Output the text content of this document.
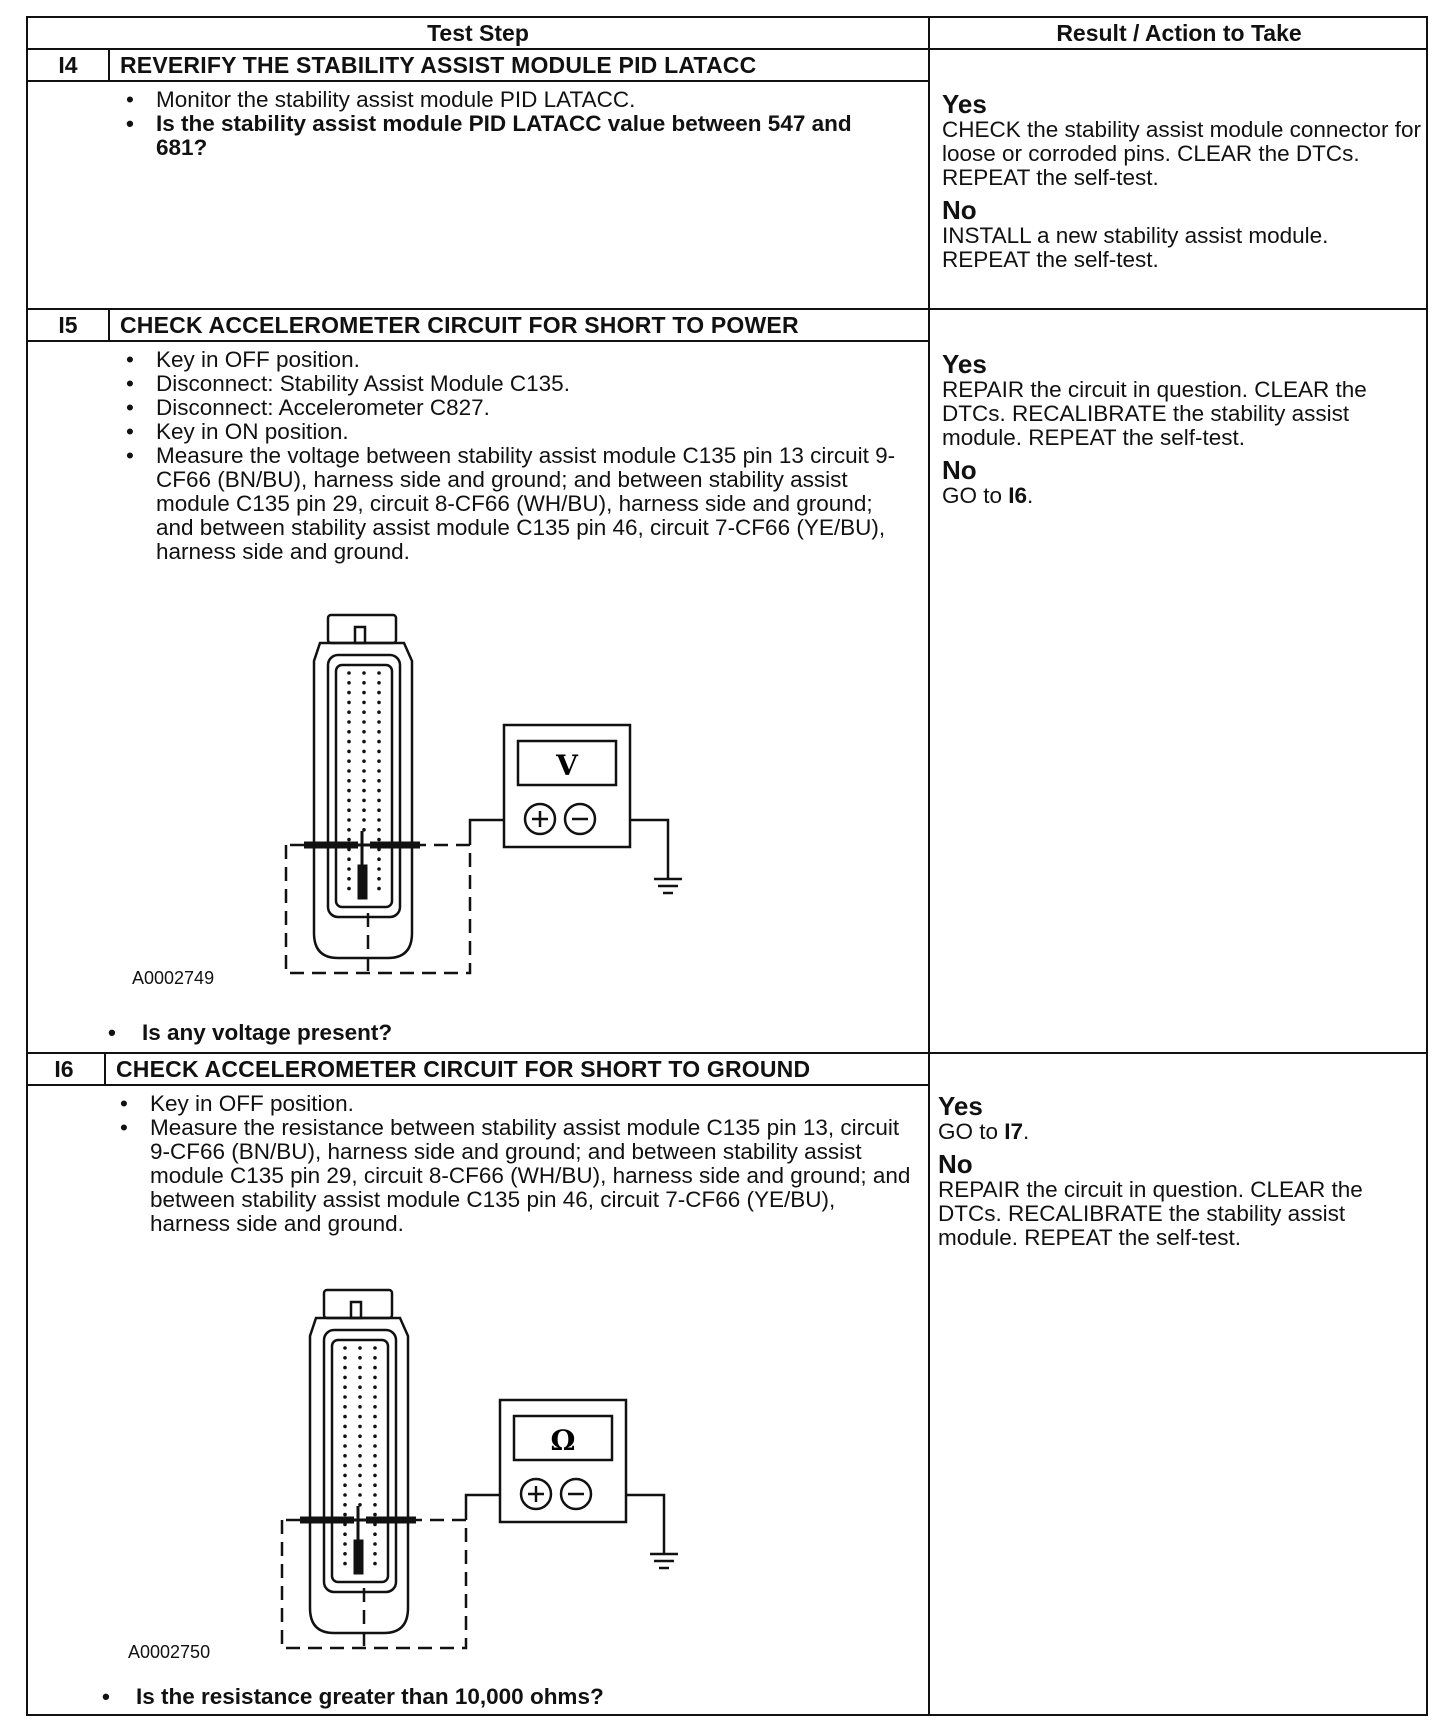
Test Step	Result / Action to Take
I4	REVERIFY THE STABILITY ASSIST MODULE PID LATACC
• Monitor the stability assist module PID LATACC.
• Is the stability assist module PID LATACC value between 547 and 681?
Yes
CHECK the stability assist module connector for loose or corroded pins. CLEAR the DTCs. REPEAT the self-test.
No
INSTALL a new stability assist module. REPEAT the self-test.
I5	CHECK ACCELEROMETER CIRCUIT FOR SHORT TO POWER
• Key in OFF position.
• Disconnect: Stability Assist Module C135.
• Disconnect: Accelerometer C827.
• Key in ON position.
• Measure the voltage between stability assist module C135 pin 13 circuit 9-CF66 (BN/BU), harness side and ground; and between stability assist module C135 pin 29, circuit 8-CF66 (WH/BU), harness side and ground; and between stability assist module C135 pin 46, circuit 7-CF66 (YE/BU), harness side and ground.
V
A0002749
• Is any voltage present?
Yes
REPAIR the circuit in question. CLEAR the DTCs. RECALIBRATE the stability assist module. REPEAT the self-test.
No
GO to I6.
I6	CHECK ACCELEROMETER CIRCUIT FOR SHORT TO GROUND
• Key in OFF position.
• Measure the resistance between stability assist module C135 pin 13, circuit 9-CF66 (BN/BU), harness side and ground; and between stability assist module C135 pin 29, circuit 8-CF66 (WH/BU), harness side and ground; and between stability assist module C135 pin 46, circuit 7-CF66 (YE/BU), harness side and ground.
Ω
A0002750
• Is the resistance greater than 10,000 ohms?
Yes
GO to I7.
No
REPAIR the circuit in question. CLEAR the DTCs. RECALIBRATE the stability assist module. REPEAT the self-test.
